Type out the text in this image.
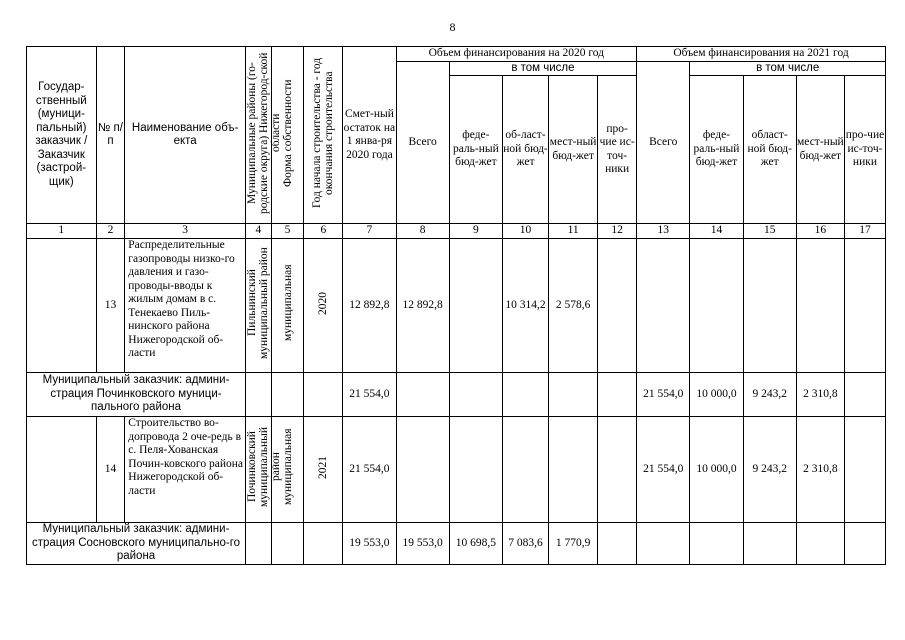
8
Государ-ственный (муници-пальный) заказчик / Заказчик (застрой-щик)	№ п/п	Наименование объ-екта	Муниципальные районы (го-родские округа) Нижегород-ской области	Форма собственности	Год начала строительства - год окончания строительства	Смет-ный остаток на 1 янва-ря 2020 года	Объем финансирования на 2020 год					Объем финансирования на 2021 год				
							Всего	в том числе				Всего	в том числе			
								феде-раль-ный бюд-жет	об-ласт-ной бюд-жет	мест-ный бюд-жет	про-чие ис-точ-ники		феде-раль-ный бюд-жет	област-ной бюд-жет	мест-ный бюд-жет	про-чие ис-точ-ники
1	2	3	4	5	6	7	8	9	10	11	12	13	14	15	16	17
	13	Распределительные газопроводы низко-го давления и газо-проводы-вводы к жилым домам в с. Тенекаево Пиль-нинского района Нижегородской об-ласти	Пильнинский муниципальный район	муниципальная	2020	12 892,8	12 892,8		10 314,2	2 578,6						
Муниципальный заказчик: админи-страция Починковского муници-пального района						21 554,0						21 554,0	10 000,0	9 243,2	2 310,8	
	14	Строительство во-допровода 2 оче-редь в с. Пеля-Хованская Почин-ковского района Нижегородской об-ласти	Починковский муниципальный район	муниципальная	2021	21 554,0						21 554,0	10 000,0	9 243,2	2 310,8	
Муниципальный заказчик: админи-страция Сосновского муниципально-го района						19 553,0	19 553,0	10 698,5	7 083,6	1 770,9						
